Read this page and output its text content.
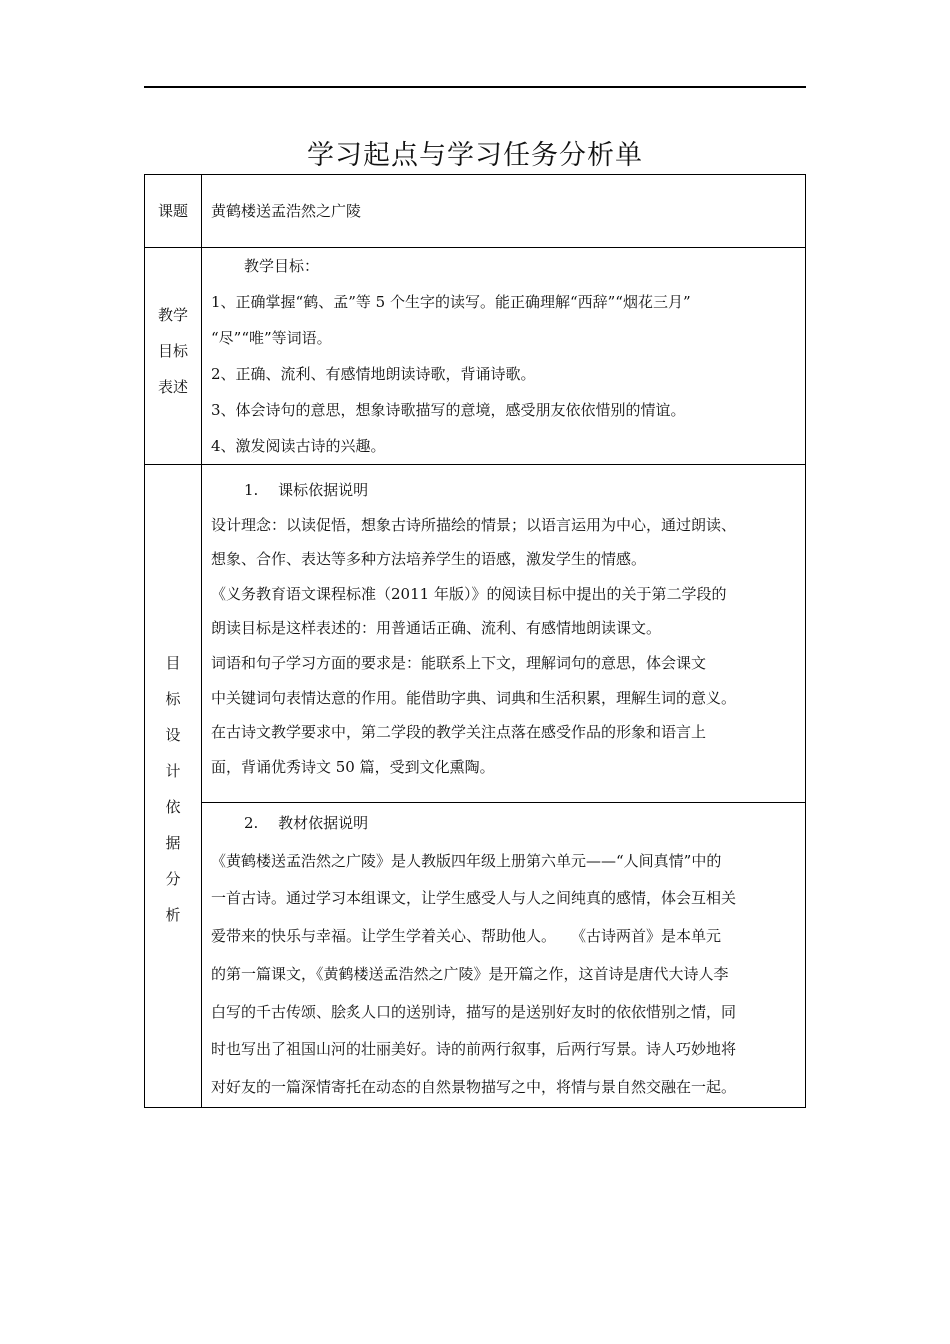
学习起点与学习任务分析单
课题	黄鹤楼送孟浩然之广陵

教学
目标
表述

教学目标：

1、正确掌握“鹤、孟”等 5 个生字的读写。能正确理解“西辞”“烟花三月”

“尽”“唯”等词语。

2、正确、流利、有感情地朗读诗歌，背诵诗歌。

3、体会诗句的意思，想象诗歌描写的意境，感受朋友依依惜别的情谊。

4、激发阅读古诗的兴趣。

目
标
设
计
依
据
分
析

1.　 课标依据说明

设计理念：以读促悟，想象古诗所描绘的情景；以语言运用为中心，通过朗读、

想象、合作、表达等多种方法培养学生的语感，激发学生的情感。

《义务教育语文课程标准（2011 年版）》的阅读目标中提出的关于第二学段的

朗读目标是这样表述的：用普通话正确、流利、有感情地朗读课文。

词语和句子学习方面的要求是：能联系上下文，理解词句的意思，体会课文

中关键词句表情达意的作用。能借助字典、词典和生活积累，理解生词的意义。

在古诗文教学要求中，第二学段的教学关注点落在感受作品的形象和语言上

面，背诵优秀诗文 50 篇，受到文化熏陶。

2.　 教材依据说明

《黄鹤楼送孟浩然之广陵》是人教版四年级上册第六单元——“人间真情”中的

一首古诗。通过学习本组课文，让学生感受人与人之间纯真的感情，体会互相关

爱带来的快乐与幸福。让学生学着关心、帮助他人。　　《古诗两首》是本单元

的第一篇课文，《黄鹤楼送孟浩然之广陵》是开篇之作，这首诗是唐代大诗人李

白写的千古传颂、脍炙人口的送别诗，描写的是送别好友时的依依惜别之情，同

时也写出了祖国山河的壮丽美好。诗的前两行叙事，后两行写景。诗人巧妙地将

对好友的一篇深情寄托在动态的自然景物描写之中，将情与景自然交融在一起。
